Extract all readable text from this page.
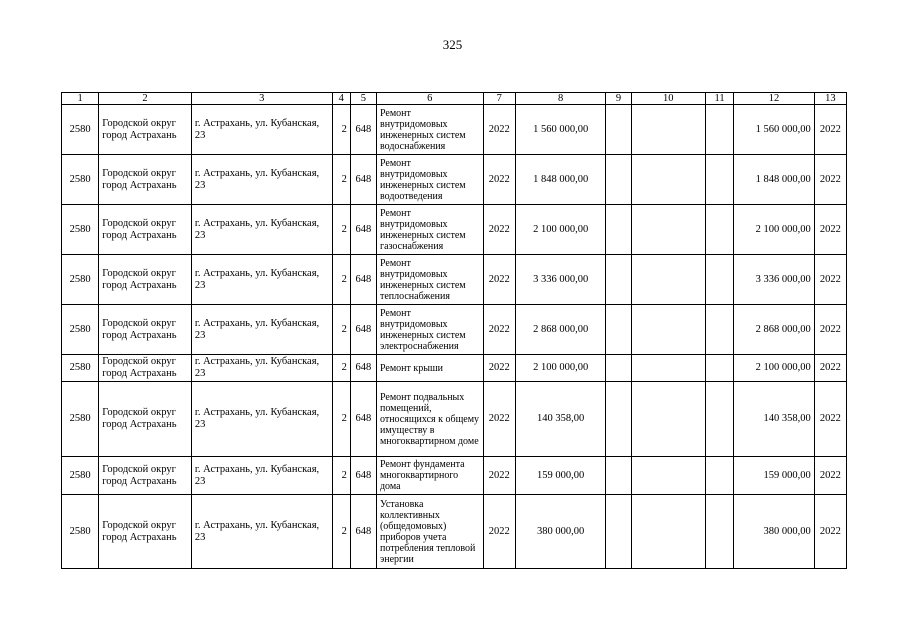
325
1	2	3	4	5	6	7	8	9	10	11	12	13
2580	Городской округ город Астрахань	г. Астрахань, ул. Кубанская, 23	2	648	Ремонт внутридомовых инженерных систем водоснабжения	2022	1 560 000,00				1 560 000,00	2022
2580	Городской округ город Астрахань	г. Астрахань, ул. Кубанская, 23	2	648	Ремонт внутридомовых инженерных систем водоотведения	2022	1 848 000,00				1 848 000,00	2022
2580	Городской округ город Астрахань	г. Астрахань, ул. Кубанская, 23	2	648	Ремонт внутридомовых инженерных систем газоснабжения	2022	2 100 000,00				2 100 000,00	2022
2580	Городской округ город Астрахань	г. Астрахань, ул. Кубанская, 23	2	648	Ремонт внутридомовых инженерных систем теплоснабжения	2022	3 336 000,00				3 336 000,00	2022
2580	Городской округ город Астрахань	г. Астрахань, ул. Кубанская, 23	2	648	Ремонт внутридомовых инженерных систем электроснабжения	2022	2 868 000,00				2 868 000,00	2022
2580	Городской округ город Астрахань	г. Астрахань, ул. Кубанская, 23	2	648	Ремонт крыши	2022	2 100 000,00				2 100 000,00	2022
2580	Городской округ город Астрахань	г. Астрахань, ул. Кубанская, 23	2	648	Ремонт подвальных помещений, относящихся к общему имуществу в многоквартирном доме	2022	140 358,00				140 358,00	2022
2580	Городской округ город Астрахань	г. Астрахань, ул. Кубанская, 23	2	648	Ремонт фундамента многоквартирного дома	2022	159 000,00				159 000,00	2022
2580	Городской округ город Астрахань	г. Астрахань, ул. Кубанская, 23	2	648	Установка коллективных (общедомовых) приборов учета потребления тепловой энергии	2022	380 000,00				380 000,00	2022
